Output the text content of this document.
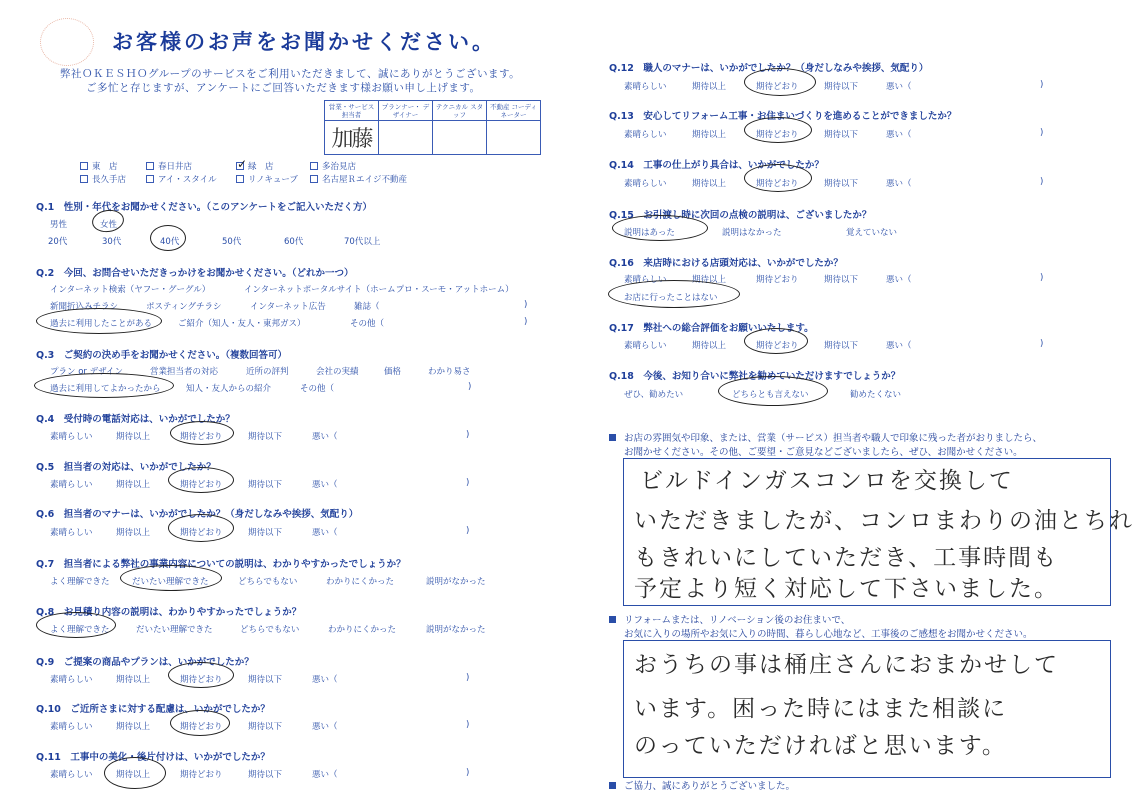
お客様のお声をお聞かせください。
弊社ＯＫＥＳＨＯグループのサービスをご利用いただきまして、誠にありがとうございます。
ご多忙と存じますが、アンケートにご回答いただきます様お願い申し上げます。
営業・サービス 担当者	プランナー・ デザイナー	テクニカル スタッフ	不動産 コーディネーター
加藤			
東　店	春日井店	✓ 緑　店	多治見店
長久手店	アイ・スタイル	リノキューブ	名古屋Ｒエイジ不動産
Q.1　性別・年代をお聞かせください。（このアンケートをご記入いただく方）
男性	女性
20代	30代	40代	50代	60代	70代以上
Q.2　今回、お問合せいただきっかけをお聞かせください。（どれか一つ）
インターネット検索（ヤフー・グーグル）	インターネットポータルサイト（ホームプロ・スーモ・アットホーム）
新聞折込みチラシ	ポスティングチラシ	インターネット広告	雑誌（	)
過去に利用したことがある	ご紹介（知人・友人・東邦ガス）	その他（	)
Q.3　ご契約の決め手をお聞かせください。（複数回答可）
プラン or デザイン	営業担当者の対応	近所の評判	会社の実績	価格	わかり易さ
過去に利用してよかったから	知人・友人からの紹介	その他（	)
Q.4　受付時の電話対応は、いかがでしたか？
素晴らしい	期待以上	期待どおり	期待以下	悪い（	)
Q.5　担当者の対応は、いかがでしたか？
素晴らしい	期待以上	期待どおり	期待以下	悪い（	)
Q.6　担当者のマナーは、いかがでしたか？（身だしなみや挨拶、気配り）
素晴らしい	期待以上	期待どおり	期待以下	悪い（	)
Q.7　担当者による弊社の事業内容についての説明は、わかりやすかったでしょうか？
よく理解できた	だいたい理解できた	どちらでもない	わかりにくかった	説明がなかった
Q.8　お見積り内容の説明は、わかりやすかったでしょうか？
よく理解できた	だいたい理解できた	どちらでもない	わかりにくかった	説明がなかった
Q.9　ご提案の商品やプランは、いかがでしたか？
素晴らしい	期待以上	期待どおり	期待以下	悪い（	)
Q.10　ご近所さまに対する配慮は、いかがでしたか？
素晴らしい	期待以上	期待どおり	期待以下	悪い（	)
Q.11　工事中の美化・後片付けは、いかがでしたか？
素晴らしい	期待以上	期待どおり	期待以下	悪い（	)
Q.12　職人のマナーは、いかがでしたか？（身だしなみや挨拶、気配り）
素晴らしい	期待以上	期待どおり	期待以下	悪い（	)
Q.13　安心してリフォーム工事・お住まいづくりを進めることができましたか？
素晴らしい	期待以上	期待どおり	期待以下	悪い（	)
Q.14　工事の仕上がり具合は、いかがでしたか？
素晴らしい	期待以上	期待どおり	期待以下	悪い（	)
Q.15　お引渡し時に次回の点検の説明は、ございましたか？
説明はあった	説明はなかった	覚えていない
Q.16　来店時における店頭対応は、いかがでしたか？
素晴らしい	期待以上	期待どおり	期待以下	悪い（	)
お店に行ったことはない
Q.17　弊社への総合評価をお願いいたします。
素晴らしい	期待以上	期待どおり	期待以下	悪い（	)
Q.18　今後、お知り合いに弊社を勧めていただけますでしょうか？
ぜひ、勧めたい	どちらとも言えない	勧めたくない
お店の雰囲気や印象、または、営業（サービス）担当者や職人で印象に残った者がおりましたら、
お聞かせください。その他、ご要望・ご意見などございましたら、ぜひ、お聞かせください。
ビルドインガスコンロを交換して
いただきましたが、コンロまわりの油とちれ
もきれいにしていただき、工事時間も
予定より短く対応して下さいました。
リフォームまたは、リノベーション後のお住まいで、
お気に入りの場所やお気に入りの時間、暮らし心地など、工事後のご感想をお聞かせください。
おうちの事は桶庄さんにおまかせして
います。困った時にはまた相談に
のっていただければと思います。
ご協力、誠にありがとうございました。
